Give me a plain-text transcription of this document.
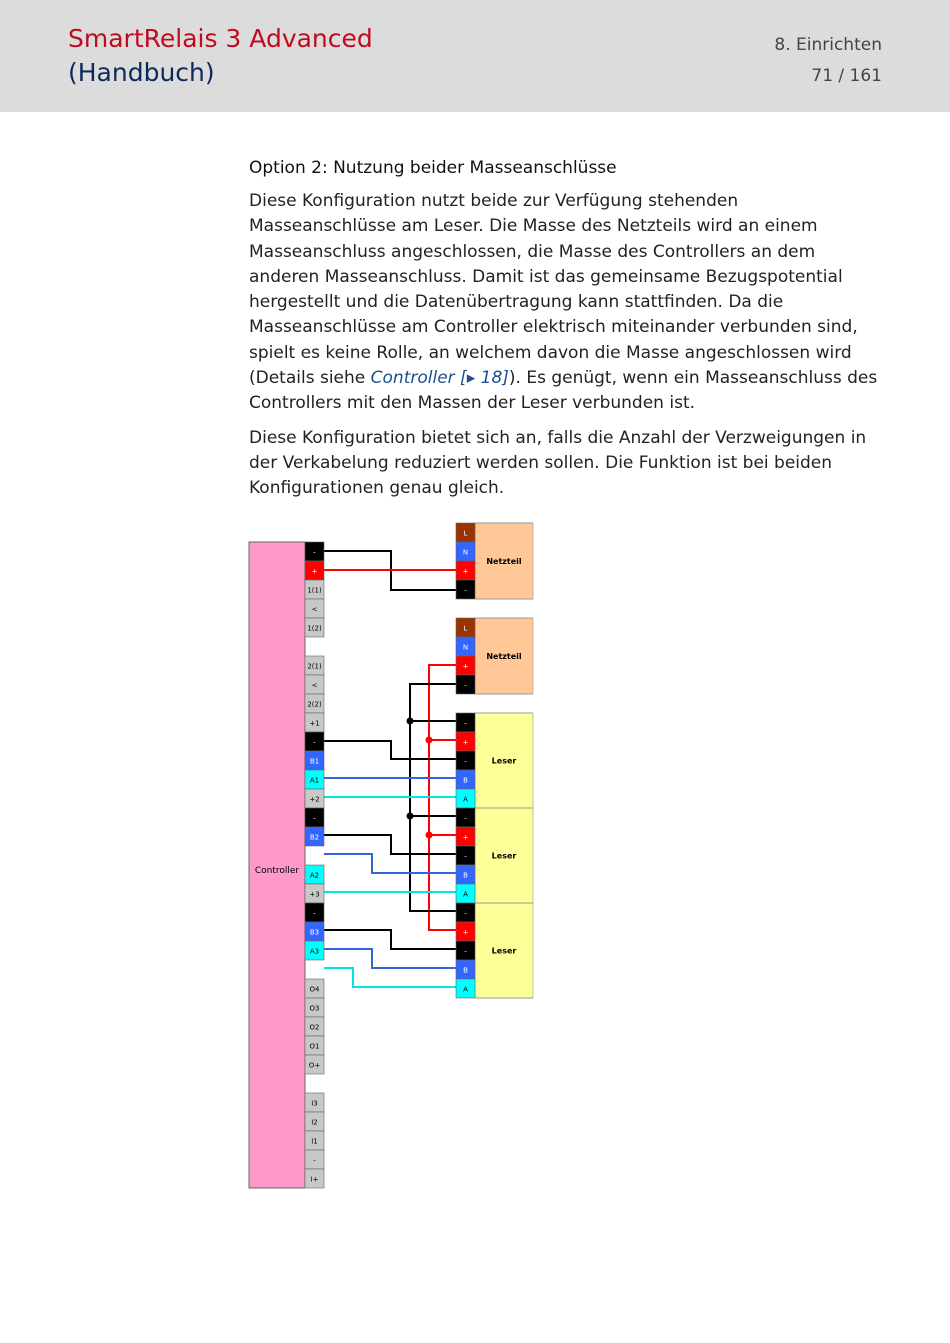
SmartRelais 3 Advanced
(Handbuch)
8. Einrichten
71 / 161
Option 2: Nutzung beider Masseanschlüsse

Diese Konfiguration nutzt beide zur Verfügung stehenden Masseanschlüsse am Leser. Die Masse des Netzteils wird an einem Masseanschluss angeschlossen, die Masse des Controllers an dem anderen Masseanschluss. Damit ist das gemeinsame Bezugspotential hergestellt und die Datenübertragung kann stattfinden. Da die Masseanschlüsse am Controller elektrisch miteinander verbunden sind, spielt es keine Rolle, an welchem davon die Masse angeschlossen wird (Details siehe Controller [▸ 18]). Es genügt, wenn ein Masseanschluss des Controllers mit den Massen der Leser verbunden ist.

Diese Konfiguration bietet sich an, falls die Anzahl der Verzweigungen in der Verkabelung reduziert werden sollen. Die Funktion ist bei beiden Konfigurationen genau gleich.

Controller
-
+
1(1)
<
1(2)
2(1)
<
2(2)
+1
-
B1
A1
+2
-
B2
A2
+3
-
B3
A3
O4
O3
O2
O1
O+
I3
I2
I1
-
I+
Netzteil
L
N
+
-
Netzteil
L
N
+
-
Leser
-
+
-
B
A
Leser
-
+
-
B
A
Leser
-
+
-
B
A
